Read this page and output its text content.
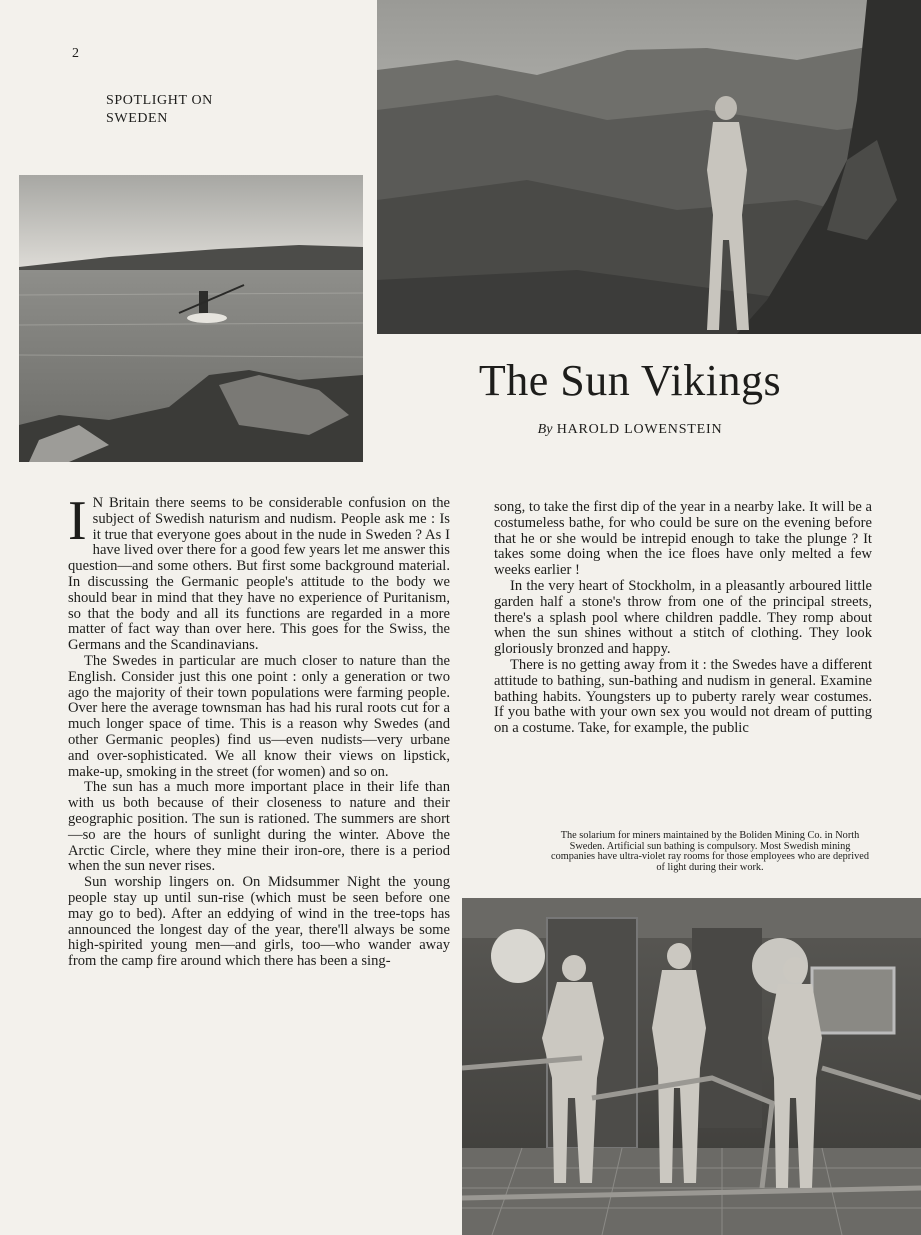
2
SPOTLIGHT ON
SWEDEN
The Sun Vikings
By HAROLD LOWENSTEIN

I N Britain there seems to be considerable confusion on the subject of Swedish naturism and nudism. People ask me : Is it true that everyone goes about in the nude in Sweden ? As I have lived over there for a good few years let me answer this question—and some others. But first some background material. In discussing the Germanic people's attitude to the body we should bear in mind that they have no experience of Puritanism, so that the body and all its functions are regarded in a more matter of fact way than over here. This goes for the Swiss, the Germans and the Scandinavians.

The Swedes in particular are much closer to nature than the English. Consider just this one point : only a generation or two ago the majority of their town populations were farming people. Over here the average townsman has had his rural roots cut for a much longer space of time. This is a reason why Swedes (and other Germanic peoples) find us—even nudists—very urbane and over-sophisticated. We all know their views on lipstick, make-up, smoking in the street (for women) and so on.

The sun has a much more important place in their life than with us both because of their closeness to nature and their geographic position. The sun is rationed. The summers are short—so are the hours of sunlight during the winter. Above the Arctic Circle, where they mine their iron-ore, there is a period when the sun never rises.

Sun worship lingers on. On Midsummer Night the young people stay up until sun-rise (which must be seen before one may go to bed). After an eddying of wind in the tree-tops has announced the longest day of the year, there'll always be some high-spirited young men—and girls, too—who wander away from the camp fire around which there has been a sing-

song, to take the first dip of the year in a nearby lake. It will be a costumeless bathe, for who could be sure on the evening before that he or she would be intrepid enough to take the plunge ? It takes some doing when the ice floes have only melted a few weeks earlier !

In the very heart of Stockholm, in a pleasantly arboured little garden half a stone's throw from one of the principal streets, there's a splash pool where children paddle. They romp about when the sun shines without a stitch of clothing. They look gloriously bronzed and happy.

There is no getting away from it : the Swedes have a different attitude to bathing, sun-bathing and nudism in general. Examine bathing habits. Youngsters up to puberty rarely wear costumes. If you bathe with your own sex you would not dream of putting on a costume. Take, for example, the public

The solarium for miners maintained by the Boliden Mining Co. in North Sweden. Artificial sun bathing is compulsory. Most Swedish mining companies have ultra-violet ray rooms for those employees who are deprived of light during their work.
